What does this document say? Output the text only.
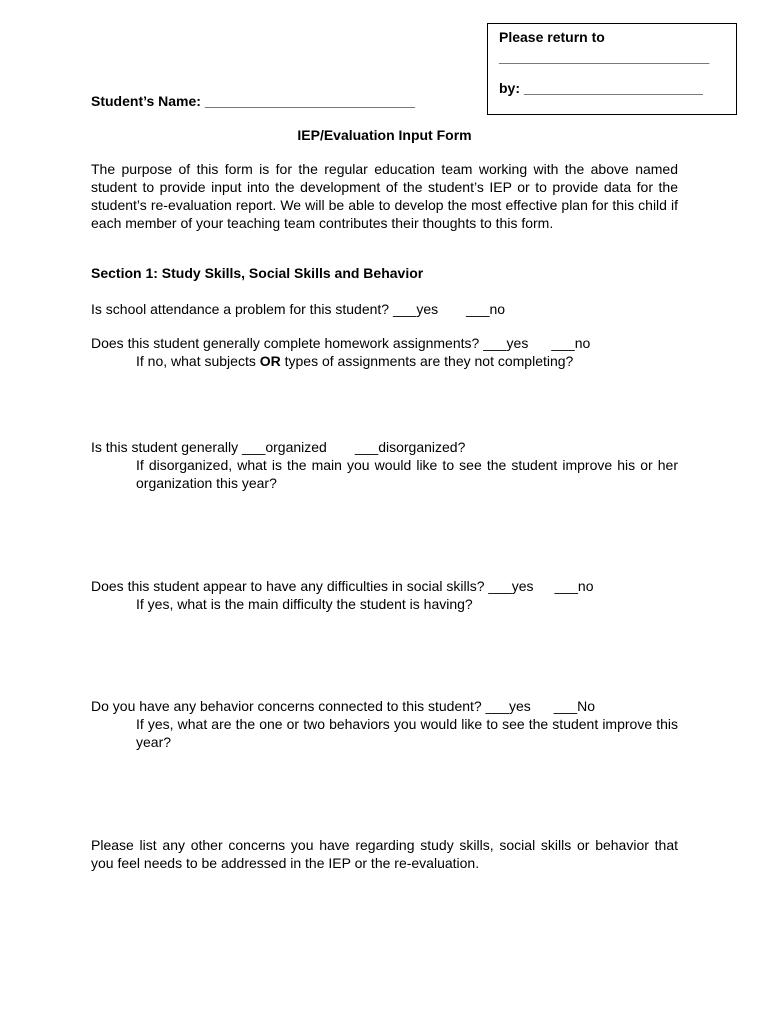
Please return to
___________________________
by: _______________________
Student’s Name: ___________________________
IEP/Evaluation Input Form
The purpose of this form is for the regular education team working with the above named student to provide input into the development of the student’s IEP or to provide data for the student’s re-evaluation report. We will be able to develop the most effective plan for this child if each member of your teaching team contributes their thoughts to this form.
Section 1: Study Skills, Social Skills and Behavior
Is school attendance a problem for this student? ___yes ___no
Does this student generally complete homework assignments? ___yes ___no
If no, what subjects OR types of assignments are they not completing?
Is this student generally ___organized ___disorganized?
If disorganized, what is the main you would like to see the student improve his or her organization this year?
Does this student appear to have any difficulties in social skills? ___yes ___no
If yes, what is the main difficulty the student is having?
Do you have any behavior concerns connected to this student? ___yes ___No
If yes, what are the one or two behaviors you would like to see the student improve this year?
Please list any other concerns you have regarding study skills, social skills or behavior that you feel needs to be addressed in the IEP or the re-evaluation.
